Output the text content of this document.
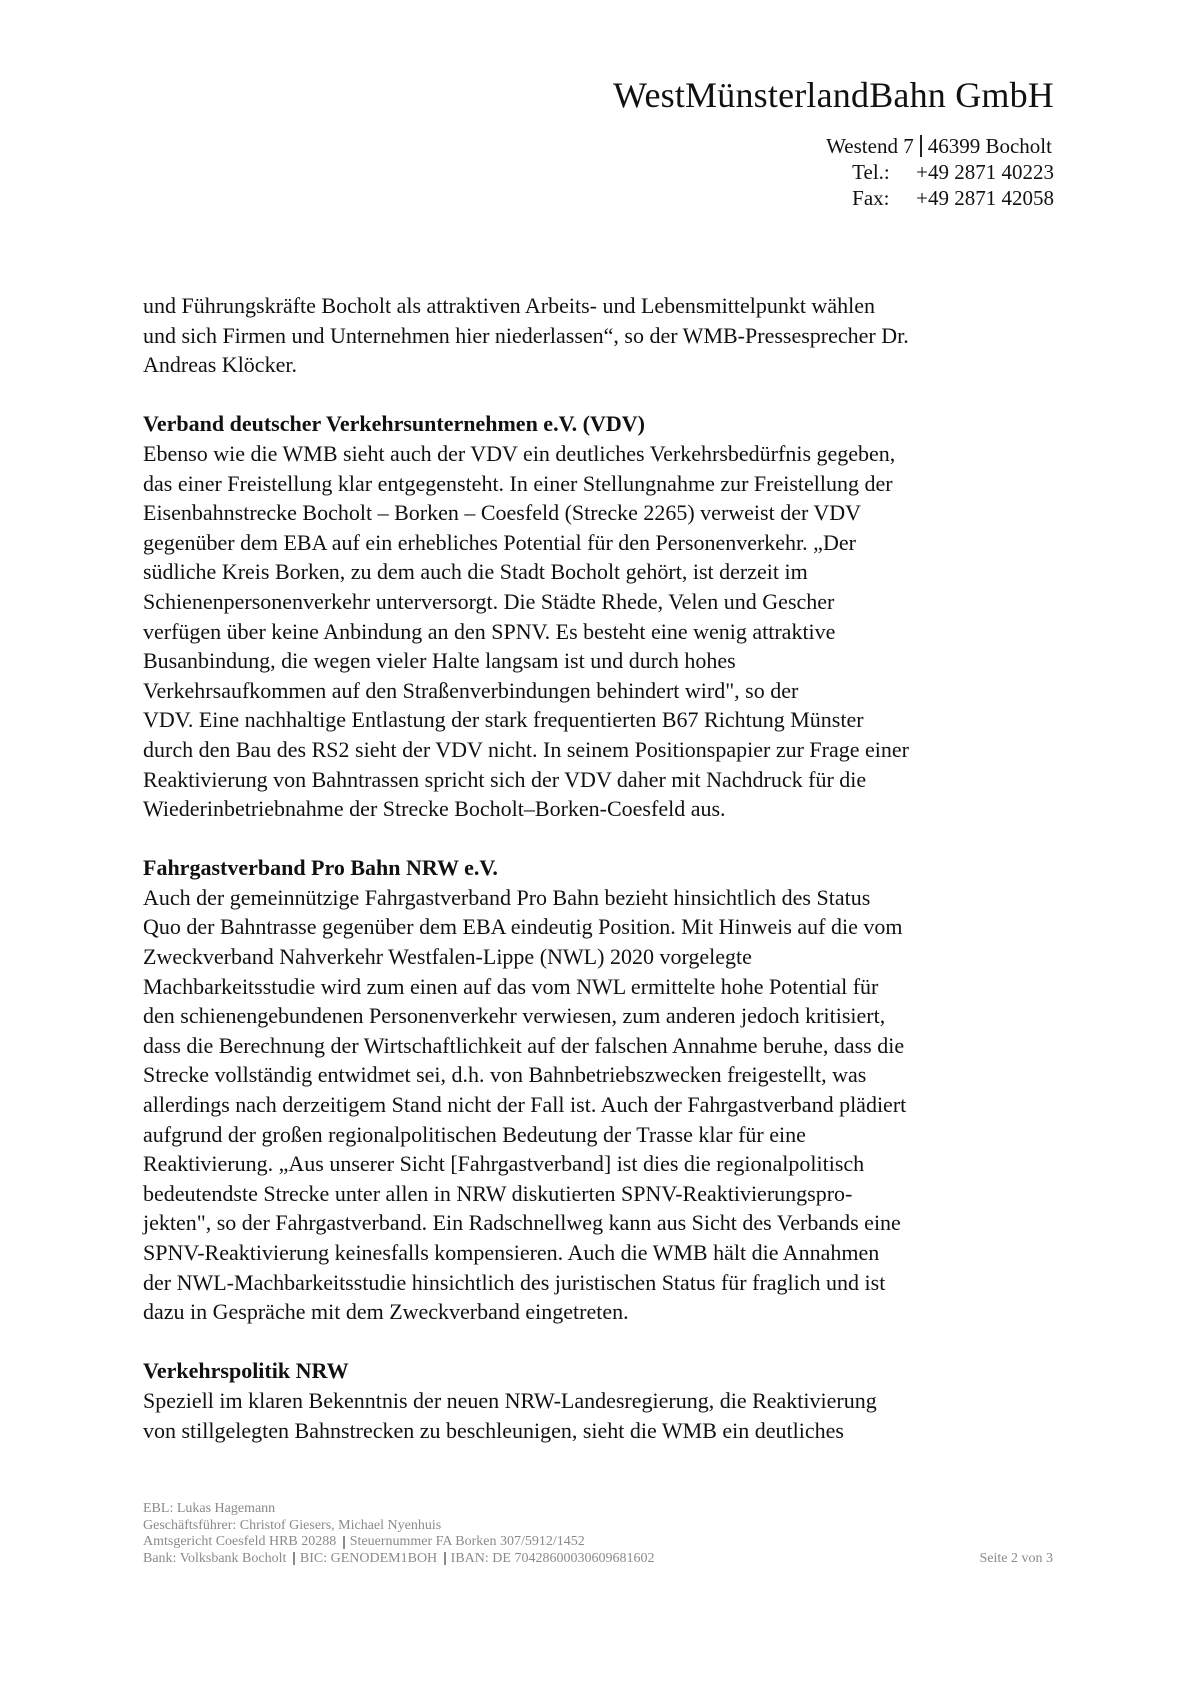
WestMünsterlandBahn GmbH
Westend 7 46399 Bocholt
Tel.:	+49 2871 40223
Fax:	+49 2871 42058

und Führungskräfte Bocholt als attraktiven Arbeits- und Lebensmittelpunkt wählen
und sich Firmen und Unternehmen hier niederlassen“, so der WMB-Pressesprecher Dr.
Andreas Klöcker.

Verband deutscher Verkehrsunternehmen e.V. (VDV)

Ebenso wie die WMB sieht auch der VDV ein deutliches Verkehrsbedürfnis gegeben,
das einer Freistellung klar entgegensteht. In einer Stellungnahme zur Freistellung der
Eisenbahnstrecke Bocholt – Borken – Coesfeld (Strecke 2265) verweist der VDV
gegenüber dem EBA auf ein erhebliches Potential für den Personenverkehr. „Der
südliche Kreis Borken, zu dem auch die Stadt Bocholt gehört, ist derzeit im
Schienenpersonenverkehr unterversorgt. Die Städte Rhede, Velen und Gescher
verfügen über keine Anbindung an den SPNV. Es besteht eine wenig attraktive
Busanbindung, die wegen vieler Halte langsam ist und durch hohes
Verkehrsaufkommen auf den Straßenverbindungen behindert wird", so der
VDV. Eine nachhaltige Entlastung der stark frequentierten B67 Richtung Münster
durch den Bau des RS2 sieht der VDV nicht. In seinem Positionspapier zur Frage einer
Reaktivierung von Bahntrassen spricht sich der VDV daher mit Nachdruck für die
Wiederinbetriebnahme der Strecke Bocholt–Borken-Coesfeld aus.

Fahrgastverband Pro Bahn NRW e.V.

Auch der gemeinnützige Fahrgastverband Pro Bahn bezieht hinsichtlich des Status
Quo der Bahntrasse gegenüber dem EBA eindeutig Position. Mit Hinweis auf die vom
Zweckverband Nahverkehr Westfalen-Lippe (NWL) 2020 vorgelegte
Machbarkeitsstudie wird zum einen auf das vom NWL ermittelte hohe Potential für
den schienengebundenen Personenverkehr verwiesen, zum anderen jedoch kritisiert,
dass die Berechnung der Wirtschaftlichkeit auf der falschen Annahme beruhe, dass die
Strecke vollständig entwidmet sei, d.h. von Bahnbetriebszwecken freigestellt, was
allerdings nach derzeitigem Stand nicht der Fall ist. Auch der Fahrgastverband plädiert
aufgrund der großen regionalpolitischen Bedeutung der Trasse klar für eine
Reaktivierung. „Aus unserer Sicht [Fahrgastverband] ist dies die regionalpolitisch
bedeutendste Strecke unter allen in NRW diskutierten SPNV-Reaktivierungspro-
jekten", so der Fahrgastverband. Ein Radschnellweg kann aus Sicht des Verbands eine
SPNV-Reaktivierung keinesfalls kompensieren. Auch die WMB hält die Annahmen
der NWL-Machbarkeitsstudie hinsichtlich des juristischen Status für fraglich und ist
dazu in Gespräche mit dem Zweckverband eingetreten.

Verkehrspolitik NRW

Speziell im klaren Bekenntnis der neuen NRW-Landesregierung, die Reaktivierung
von stillgelegten Bahnstrecken zu beschleunigen, sieht die WMB ein deutliches

EBL: Lukas Hagemann
Geschäftsführer: Christof Giesers, Michael Nyenhuis
Amtsgericht Coesfeld HRB 20288 Steuernummer FA Borken 307/5912/1452
Bank: Volksbank Bocholt BIC: GENODEM1BOH IBAN: DE 70428600030609681602	Seite 2 von 3
